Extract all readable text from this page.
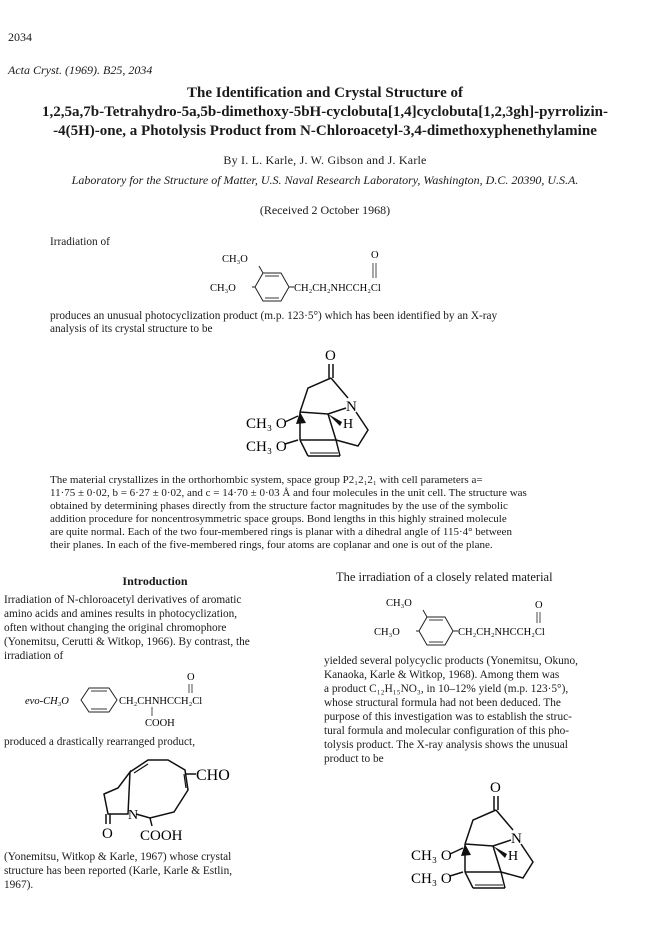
2034
Acta Cryst. (1969). B25, 2034
The Identification and Crystal Structure of
1,2,5a,7b-Tetrahydro-5a,5b-dimethoxy-5bH-cyclobuta[1,4]cyclobuta[1,2,3gh]-pyrrolizin-
-4(5H)-one, a Photolysis Product from N-Chloroacetyl-3,4-dimethoxyphenethylamine
By I. L. Karle, J. W. Gibson and J. Karle
Laboratory for the Structure of Matter, U.S. Naval Research Laboratory, Washington, D.C. 20390, U.S.A.
(Received 2 October 1968)
Irradiation of
CH₃O
CH₃O	CH₂CH₂NHCCH₂Cl
O
produces an unusual photocyclization product (m.p. 123·5°) which has been identified by an X-ray
analysis of its crystal structure to be
O
N
H
CH₃ O
CH₃ O
The material crystallizes in the orthorhombic system, space group P2₁2₁2₁ with cell parameters a=
11·75 ± 0·02, b = 6·27 ± 0·02, and c = 14·70 ± 0·03 Å and four molecules in the unit cell. The structure was
obtained by determining phases directly from the structure factor magnitudes by the use of the symbolic
addition procedure for noncentrosymmetric space groups. Bond lengths in this highly strained molecule
are quite normal. Each of the two four-membered rings is planar with a dihedral angle of 115·4° between
their planes. In each of the five-membered rings, four atoms are coplanar and one is out of the plane.
Introduction
Irradiation of N-chloroacetyl derivatives of aromatic
amino acids and amines results in photocyclization,
often without changing the original chromophore
(Yonemitsu, Cerutti & Witkop, 1966). By contrast, the
irradiation of
evo-CH₃O	CH₂CHNHCCH₂Cl
O
COOH
produced a drastically rearranged product,
N
CHO
O COOH
(Yonemitsu, Witkop & Karle, 1967) whose crystal
structure has been reported (Karle, Karle & Estlin,
1967).
The irradiation of a closely related material
CH₃O
CH₃O	CH₂CH₂NHCCH₂Cl
O
yielded several polycyclic products (Yonemitsu, Okuno,
Kanaoka, Karle & Witkop, 1968). Among them was
a product C₁₂H₁₅NO₃, in 10–12% yield (m.p. 123·5°),
whose structural formula had not been deduced. The
purpose of this investigation was to establish the struc-
tural formula and molecular configuration of this pho-
tolysis product. The X-ray analysis shows the unusual
product to be
O
N
H
CH₃ O
CH₃ O
